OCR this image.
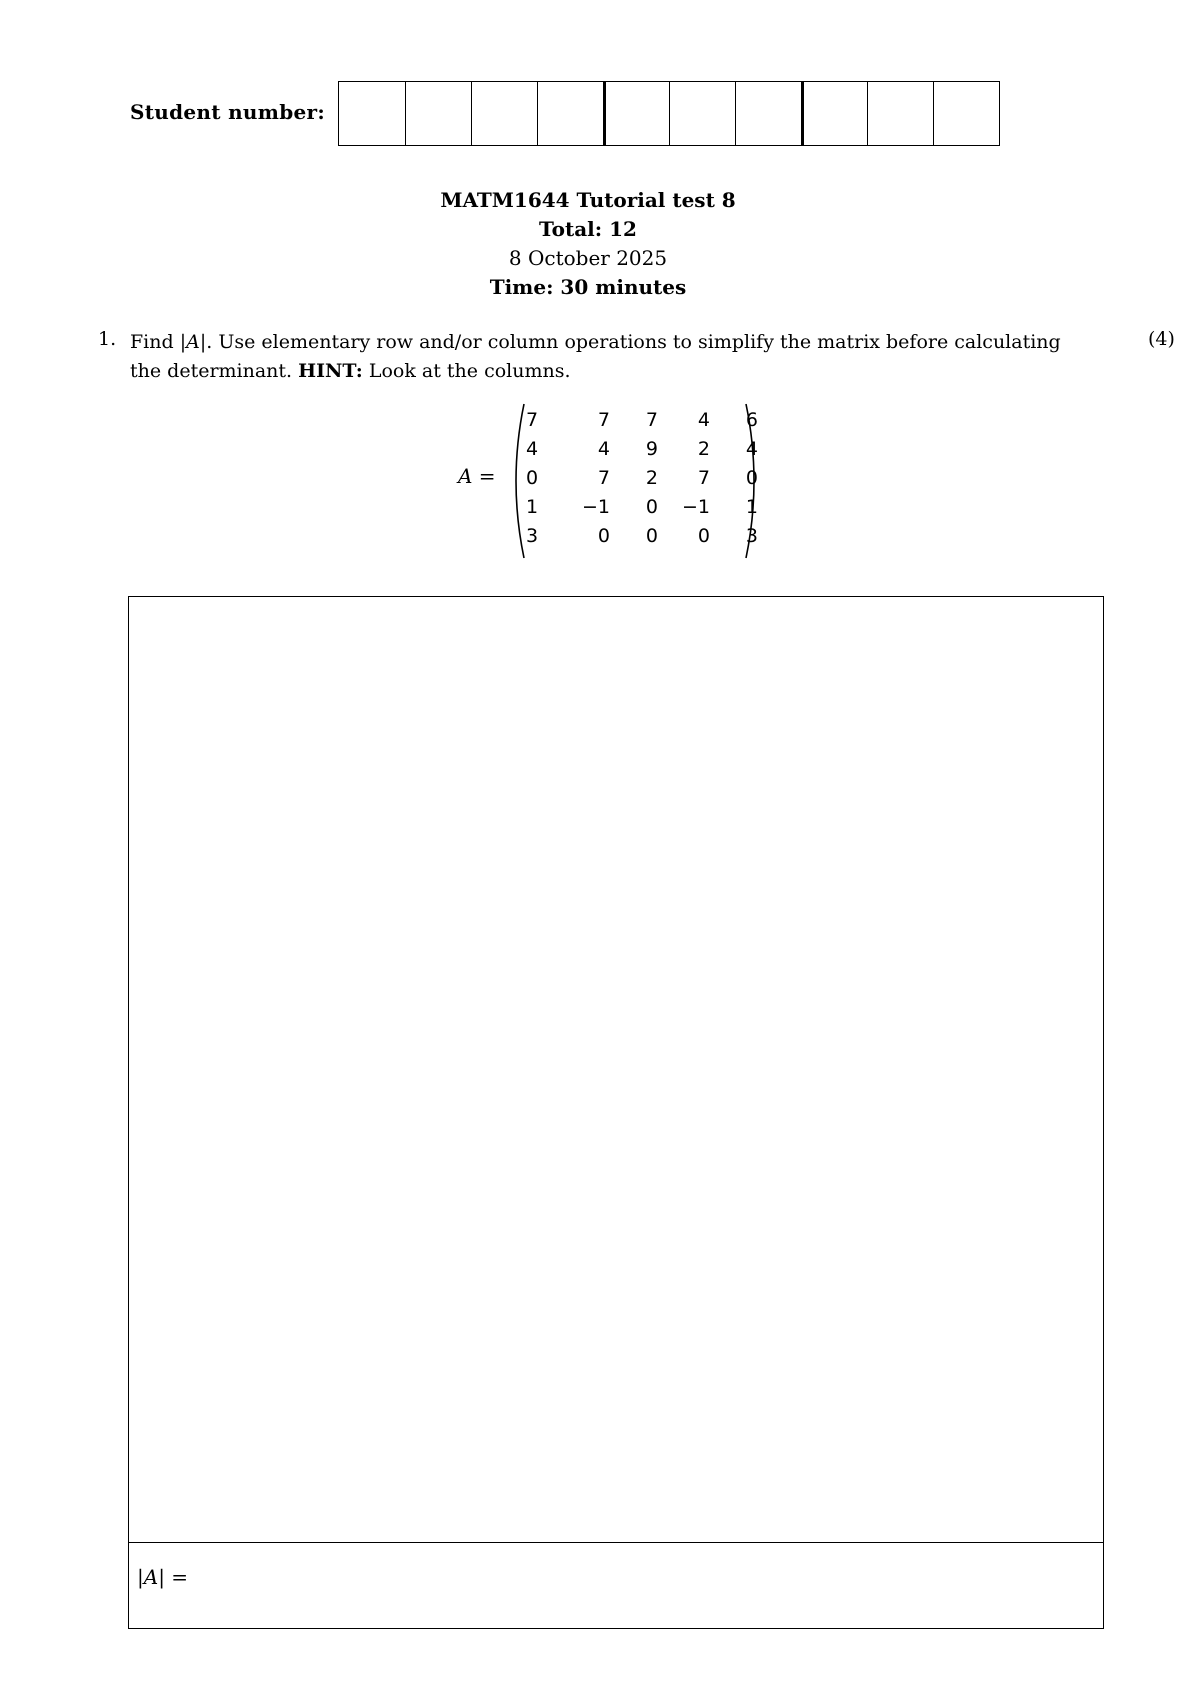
Student number:
MATM1644 Tutorial test 8
Total: 12
8 October 2025
Time: 30 minutes
1. Find |A|. Use elementary row and/or column operations to simplify the matrix before calculating the determinant. HINT: Look at the columns.
(4)
A =
7	7	7	4	6
4	4	9	2	4
0	7	2	7	0
1	−1	0	−1	1
3	0	0	0	3
|A| =
